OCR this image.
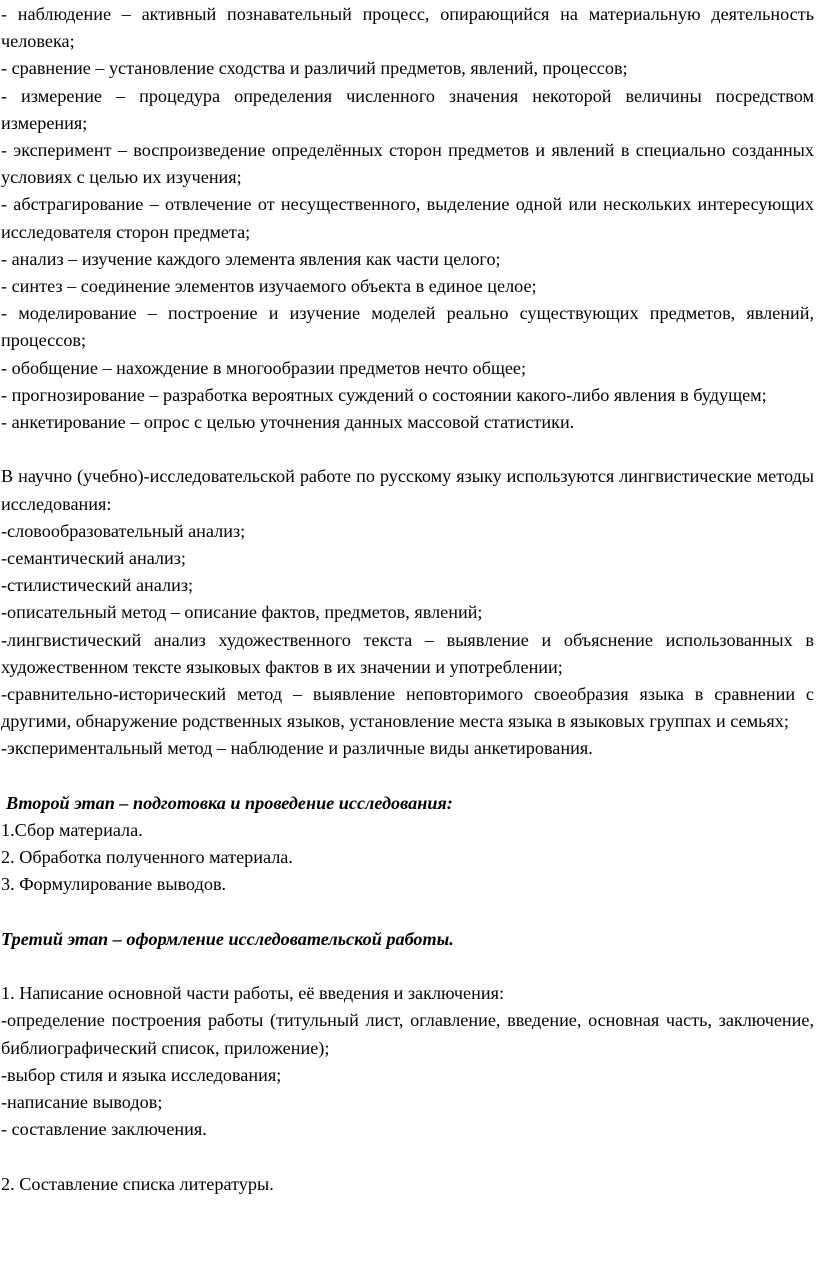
- наблюдение – активный познавательный процесс, опирающийся на материальную деятельность человека;

- сравнение – установление сходства и различий предметов, явлений, процессов;

- измерение – процедура определения численного значения некоторой величины посредством измерения;

- эксперимент – воспроизведение определённых сторон предметов и явлений в специально созданных условиях с целью их изучения;

- абстрагирование – отвлечение от несущественного, выделение одной или нескольких интересующих исследователя сторон предмета;

- анализ – изучение каждого элемента явления как части целого;

- синтез – соединение элементов изучаемого объекта в единое целое;

- моделирование – построение и изучение моделей реально существующих предметов, явлений, процессов;

- обобщение – нахождение в многообразии предметов нечто общее;

- прогнозирование – разработка вероятных суждений о состоянии какого-либо явления в будущем;

- анкетирование – опрос с целью уточнения данных массовой статистики.

В научно (учебно)-исследовательской работе по русскому языку используются лингвистические методы исследования:

-словообразовательный анализ;

-семантический анализ;

-стилистический анализ;

-описательный метод – описание фактов, предметов, явлений;

-лингвистический анализ художественного текста – выявление и объяснение использованных в художественном тексте языковых фактов в их значении и употреблении;

-сравнительно-исторический метод – выявление неповторимого своеобразия языка в сравнении с другими, обнаружение родственных языков, установление места языка в языковых группах и семьях;

-экспериментальный метод – наблюдение и различные виды анкетирования.

Второй этап – подготовка и проведение исследования:

1.Сбор материала.

2. Обработка полученного материала.

3. Формулирование выводов.

Третий этап – оформление исследовательской работы.

1. Написание основной части работы, её введения и заключения:

-определение построения работы (титульный лист, оглавление, введение, основная часть, заключение, библиографический список, приложение);

-выбор стиля и языка исследования;

-написание выводов;

- составление заключения.

2. Составление списка литературы.
